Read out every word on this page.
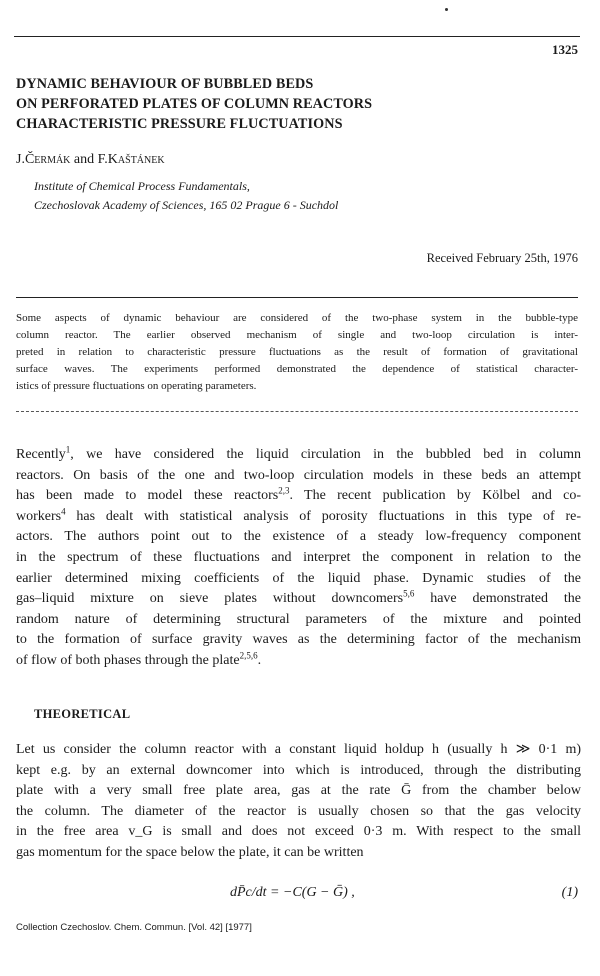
1325
DYNAMIC BEHAVIOUR OF BUBBLED BEDS
ON PERFORATED PLATES OF COLUMN REACTORS
CHARACTERISTIC PRESSURE FLUCTUATIONS
J.Čermák and F.Kaštánek
Institute of Chemical Process Fundamentals,
Czechoslovak Academy of Sciences, 165 02 Prague 6 - Suchdol
Received February 25th, 1976
Some aspects of dynamic behaviour are considered of the two-phase system in the bubble-type
column reactor. The earlier observed mechanism of single and two-loop circulation is inter-
preted in relation to characteristic pressure fluctuations as the result of formation of gravitational
surface waves. The experiments performed demonstrated the dependence of statistical character-
istics of pressure fluctuations on operating parameters.
Recently$^1$, we have considered the liquid circulation in the bubbled bed in column
reactors. On basis of the one and two-loop circulation models in these beds an attempt
has been made to model these reactors$^{2,3}$. The recent publication by Kölbel and co-
workers$^4$ has dealt with statistical analysis of porosity fluctuations in this type of re-
actors. The authors point out to the existence of a steady low-frequency component
in the spectrum of these fluctuations and interpret the component in relation to the
earlier determined mixing coefficients of the liquid phase. Dynamic studies of the
gas–liquid mixture on sieve plates without downcomers$^{5,6}$ have demonstrated the
random nature of determining structural parameters of the mixture and pointed
to the formation of surface gravity waves as the determining factor of the mechanism
of flow of both phases through the plate$^{2,5,6}$.
THEORETICAL
Let us consider the column reactor with a constant liquid holdup h (usually h ≫ 0·1 m)
kept e.g. by an external downcomer into which is introduced, through the distributing
plate with a very small free plate area, gas at the rate Ḡ from the chamber below
the column. The diameter of the reactor is usually chosen so that the gas velocity
in the free area v_G is small and does not exceed 0·3 m. With respect to the small
gas momentum for the space below the plate, it can be written
dP̄c/dt = −C(G − Ḡ) ,	(1)
Collection Czechoslov. Chem. Commun. [Vol. 42] [1977]
